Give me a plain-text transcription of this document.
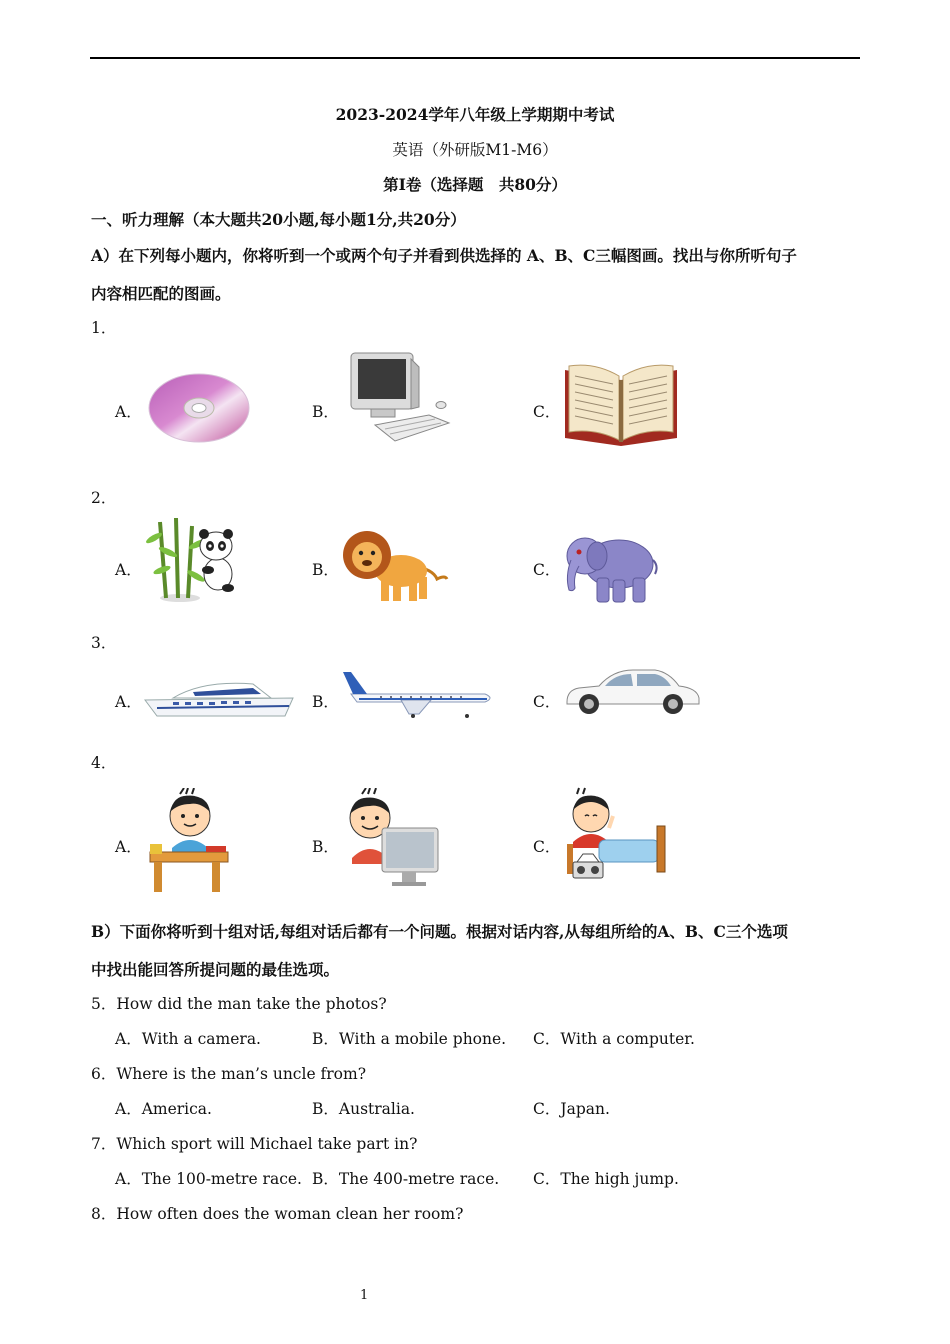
2023-2024学年八年级上学期期中考试
英语（外研版M1-M6）
第I卷（选择题　共80分）
一、听力理解（本大题共20小题,每小题1分,共20分）
A）在下列每小题内，你将听到一个或两个句子并看到供选择的 A、B、C三幅图画。找出与你所听句子
内容相匹配的图画。
1．
A．	B．	C．
2．
A．	B．	C．
3．
A．	B．	C．
4．
A．	B．	C．
B）下面你将听到十组对话,每组对话后都有一个问题。根据对话内容,从每组所给的A、B、C三个选项
中找出能回答所提问题的最佳选项。
5．How did the man take the photos?
A．With a camera.	B．With a mobile phone. C．With a computer.
6．Where is the man’s uncle from?
A．America.	B．Australia.	C．Japan.
7．Which sport will Michael take part in?
A．The 100-metre race. B．The 400-metre race. C．The high jump.
8．How often does the woman clean her room?
1
